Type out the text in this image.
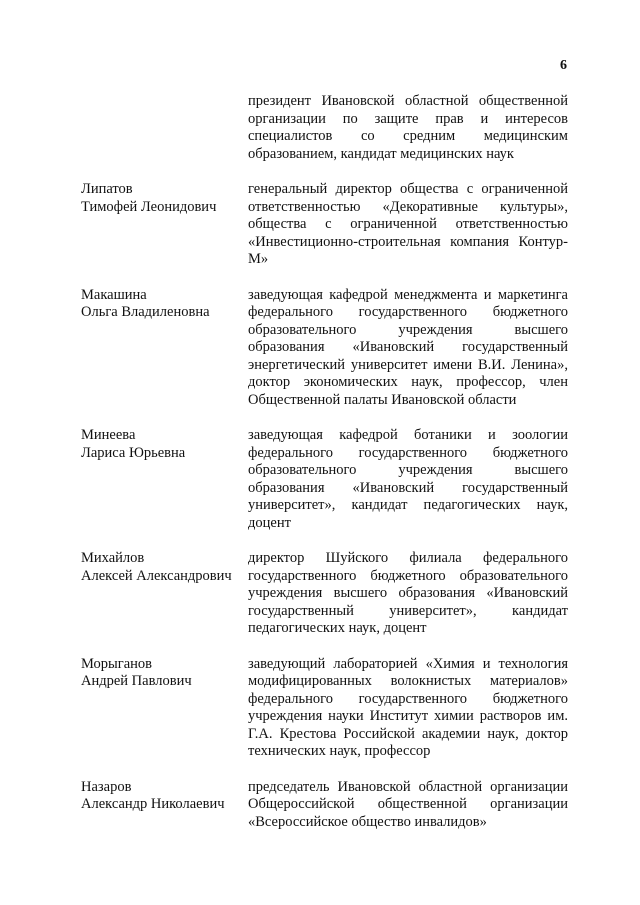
6
президент Ивановской областной общественной организации по защите прав и интересов специалистов со средним медицинским образованием, кандидат медицинских наук
Липатов
Тимофей Леонидович
генеральный директор общества с ограниченной ответственностью «Декоративные культуры», общества с ограниченной ответственностью «Инвестиционно-строительная компания Контур-М»
Макашина
Ольга Владиленовна
заведующая кафедрой менеджмента и маркетинга федерального государственного бюджетного образовательного учреждения высшего образования «Ивановский государственный энергетический университет имени В.И. Ленина», доктор экономических наук, профессор, член Общественной палаты Ивановской области
Минеева
Лариса Юрьевна
заведующая кафедрой ботаники и зоологии федерального государственного бюджетного образовательного учреждения высшего образования «Ивановский государственный университет», кандидат педагогических наук, доцент
Михайлов
Алексей Александрович
директор Шуйского филиала федерального государственного бюджетного образовательного учреждения высшего образования «Ивановский государственный университет», кандидат педагогических наук, доцент
Морыганов
Андрей Павлович
заведующий лабораторией «Химия и технология модифицированных волокнистых материалов» федерального государственного бюджетного учреждения науки Институт химии растворов им. Г.А. Крестова Российской академии наук, доктор технических наук, профессор
Назаров
Александр Николаевич
председатель Ивановской областной организации Общероссийской общественной организации «Всероссийское общество инвалидов»
